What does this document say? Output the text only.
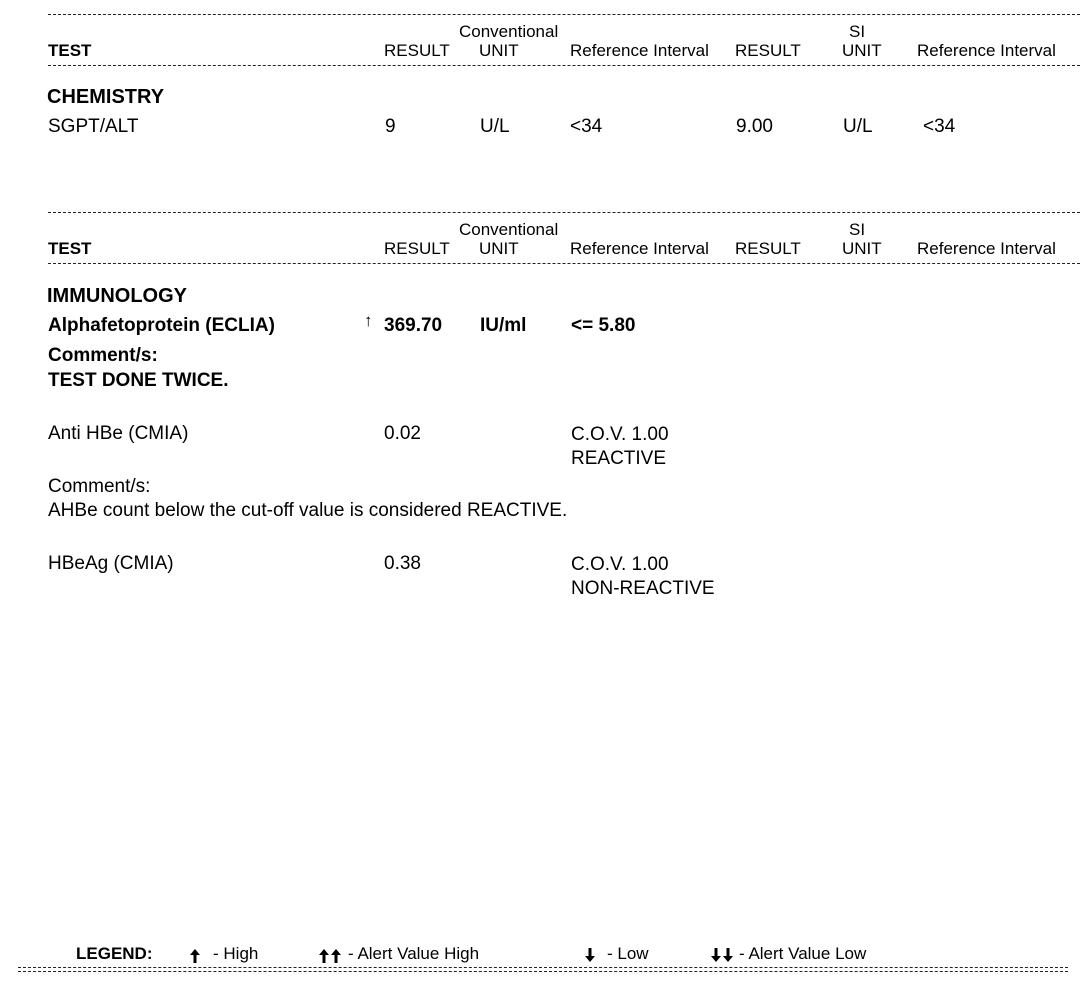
Conventional	SI
TEST	RESULT UNIT	Reference Interval RESULT UNIT Reference Interval
CHEMISTRY
SGPT/ALT	9	U/L	<34	9.00	U/L	<34
Conventional	SI
TEST	RESULT UNIT	Reference Interval RESULT UNIT Reference Interval
IMMUNOLOGY
Alphafetoprotein (ECLIA)	↑ 369.70 IU/ml <= 5.80
Comment/s:
TEST DONE TWICE.
Anti HBe (CMIA)	0.02	C.O.V. 1.00
REACTIVE
Comment/s:
AHBe count below the cut-off value is considered REACTIVE.
HBeAg (CMIA)	0.38	C.O.V. 1.00
NON-REACTIVE
LEGEND:	- High	- Alert Value High	- Low	- Alert Value Low
